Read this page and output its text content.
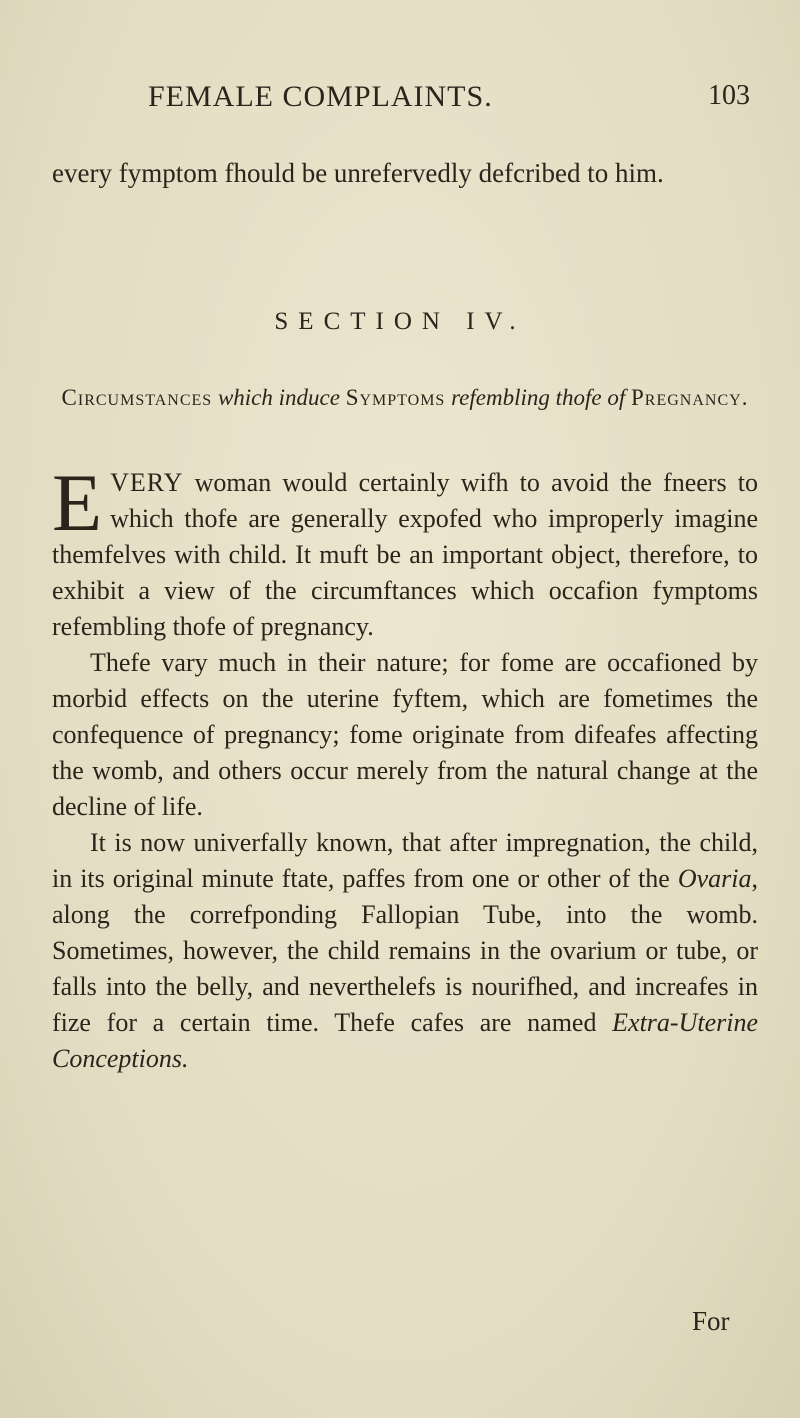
FEMALE COMPLAINTS.	103
every fymptom fhould be unrefervedly defcribed to him.
SECTION IV.
Circumstances which induce Symptoms refembling thofe of Pregnancy.

EVERY woman would certainly wifh to avoid the fneers to which thofe are generally expofed who improperly imagine themfelves with child. It muft be an important object, therefore, to exhibit a view of the circumftances which occafion fymptoms refembling thofe of pregnancy.

Thefe vary much in their nature; for fome are occafioned by morbid effects on the uterine fyftem, which are fometimes the confequence of pregnancy; fome originate from difeafes affecting the womb, and others occur merely from the natural change at the decline of life.

It is now univerfally known, that after impregnation, the child, in its original minute ftate, paffes from one or other of the Ovaria, along the correfponding Fallopian Tube, into the womb. Sometimes, however, the child remains in the ovarium or tube, or falls into the belly, and neverthelefs is nourifhed, and increafes in fize for a certain time. Thefe cafes are named Extra-Uterine Conceptions.

For
